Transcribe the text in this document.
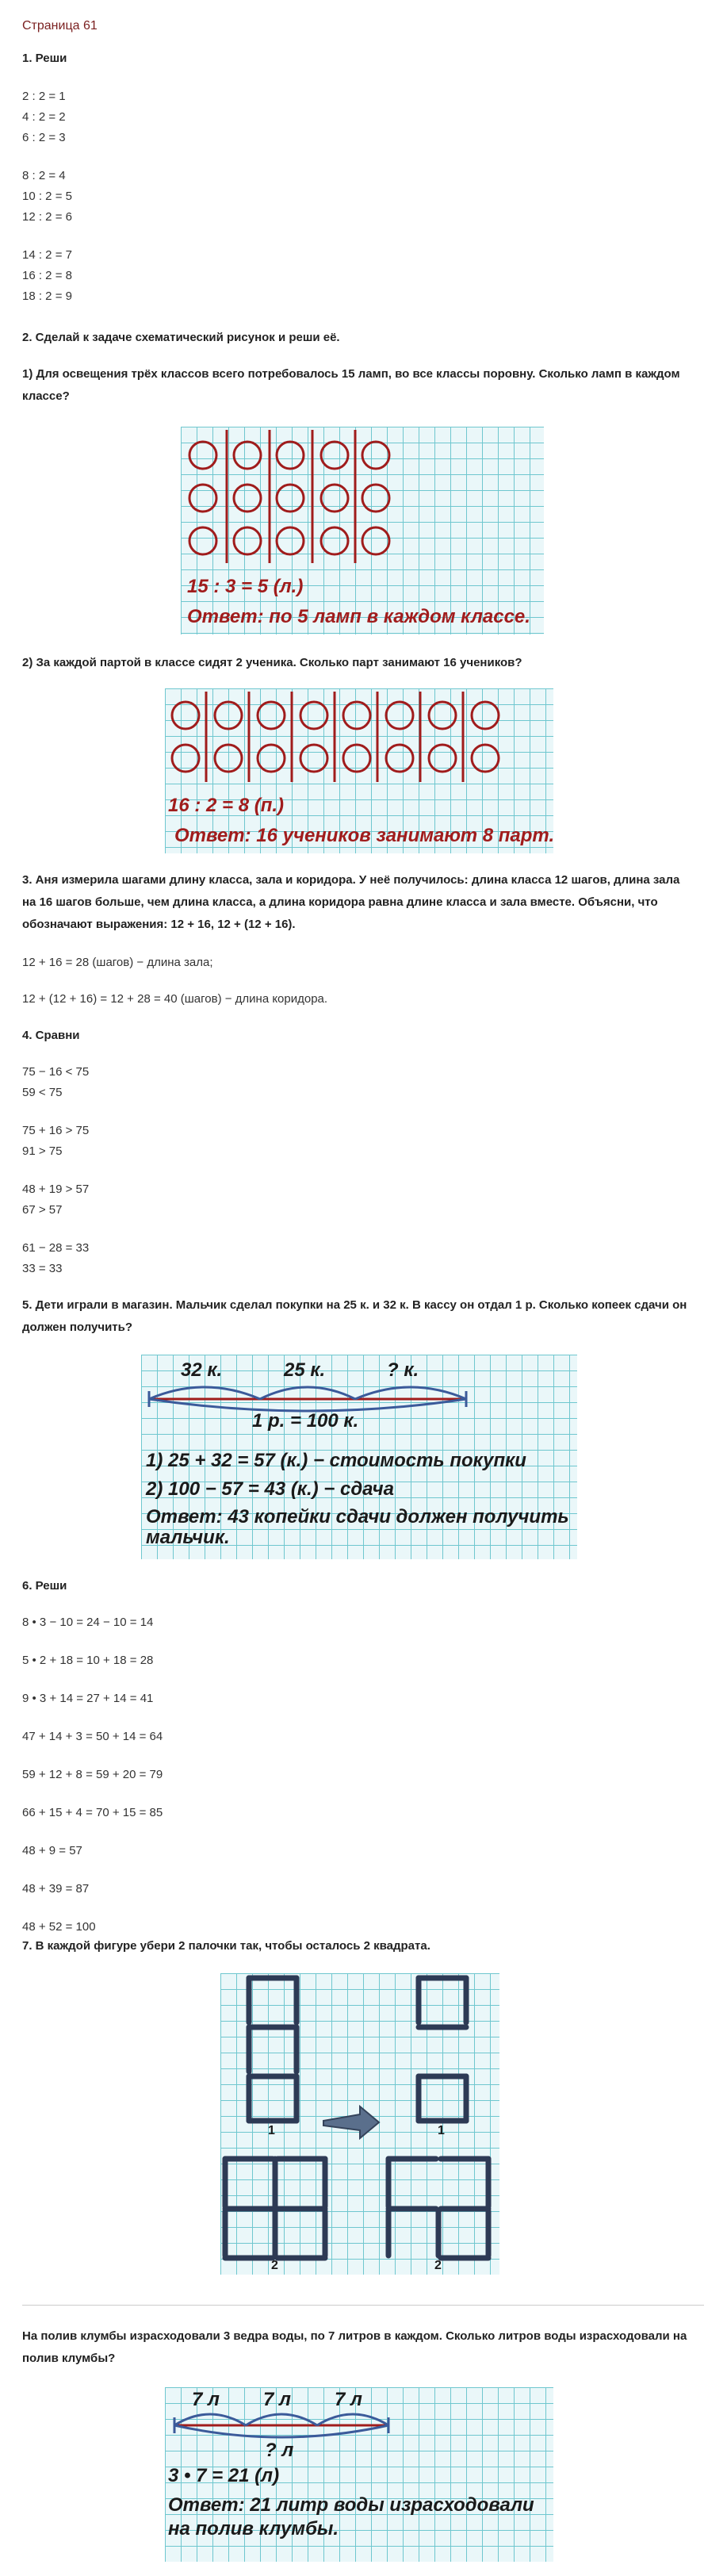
Страница 61
1. Реши
2 : 2 = 1
4 : 2 = 2
6 : 2 = 3
8 : 2 = 4
10 : 2 = 5
12 : 2 = 6
14 : 2 = 7
16 : 2 = 8
18 : 2 = 9
2. Сделай к задаче схематический рисунок и реши её.
1) Для освещения трёх классов всего потребовалось 15 ламп, во все классы поровну. Сколько ламп в каждом классе?
15 : 3 = 5 (л.)
Ответ: по 5 ламп в каждом классе.
2) За каждой партой в классе сидят 2 ученика. Сколько парт занимают 16 учеников?
16 : 2 = 8 (п.)
Ответ: 16 учеников занимают 8 парт.
3. Аня измерила шагами длину класса, зала и коридора. У неё получилось: длина класса 12 шагов, длина зала на 16 шагов больше, чем длина класса, а длина коридора равна длине класса и зала вместе. Объясни, что обозначают выражения: 12 + 16, 12 + (12 + 16).
12 + 16 = 28 (шагов) − длина зала;
12 + (12 + 16) = 12 + 28 = 40 (шагов) − длина коридора.
4. Сравни
75 − 16 < 75
59 < 75
75 + 16 > 75
91 > 75
48 + 19 > 57
67 > 57
61 − 28 = 33
33 = 33
5. Дети играли в магазин. Мальчик сделал покупки на 25 к. и 32 к. В кассу он отдал 1 р. Сколько копеек сдачи он должен получить?
32 к.	25 к.	? к.
1 р. = 100 к.
1) 25 + 32 = 57 (к.) − стоимость покупки
2) 100 − 57 = 43 (к.) − сдача
Ответ: 43 копейки сдачи должен получить мальчик.
6. Реши
8 • 3 − 10 = 24 − 10 = 14
5 • 2 + 18 = 10 + 18 = 28
9 • 3 + 14 = 27 + 14 = 41
47 + 14 + 3 = 50 + 14 = 64
59 + 12 + 8 = 59 + 20 = 79
66 + 15 + 4 = 70 + 15 = 85
48 + 9 = 57
48 + 39 = 87
48 + 52 = 100
7. В каждой фигуре убери 2 палочки так, чтобы осталось 2 квадрата.
1	1
2	2
На полив клумбы израсходовали 3 ведра воды, по 7 литров в каждом. Сколько литров воды израсходовали на полив клумбы?
7 л 7 л 7 л
? л
3 • 7 = 21 (л)
Ответ: 21 литр воды израсходовали на полив клумбы.
